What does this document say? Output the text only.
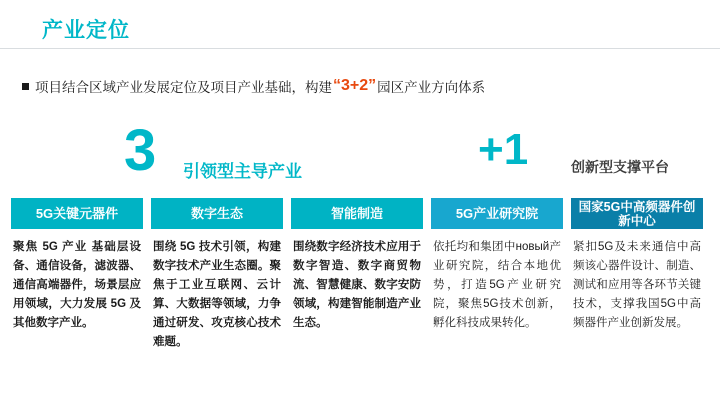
产业定位
项目结合区域产业发展定位及项目产业基础，构建 “3+2” 园区产业方向体系
3 引领型主导产业	+1	创新型支撑平台
5G关键元器件
聚焦 5G 产业 基础层设备、通信设备，滤波器、通信高端器件，场景层应用领域，大力发展 5G 及其他数字产业。
数字生态
围绕 5G 技术引领，构建数字技术产业生态圈。聚焦于工业互联网、云计算、大数据等领域，力争通过研发、攻克核心技术难题。
智能制造
围绕数字经济技术应用于数字智造、数字商贸物流、智慧健康、数字安防领域，构建智能制造产业生态。
5G产业研究院
依托均和集团中новый产业研究院，结合本地优势，打造5G产业研究院，聚焦5G技术创新，孵化科技成果转化。
国家5G中高频器件创新中心
紧扣5G及未来通信中高频该心器件设计、制造、测试和应用等各环节关键技术，支撑我国5G中高频器件产业创新发展。
